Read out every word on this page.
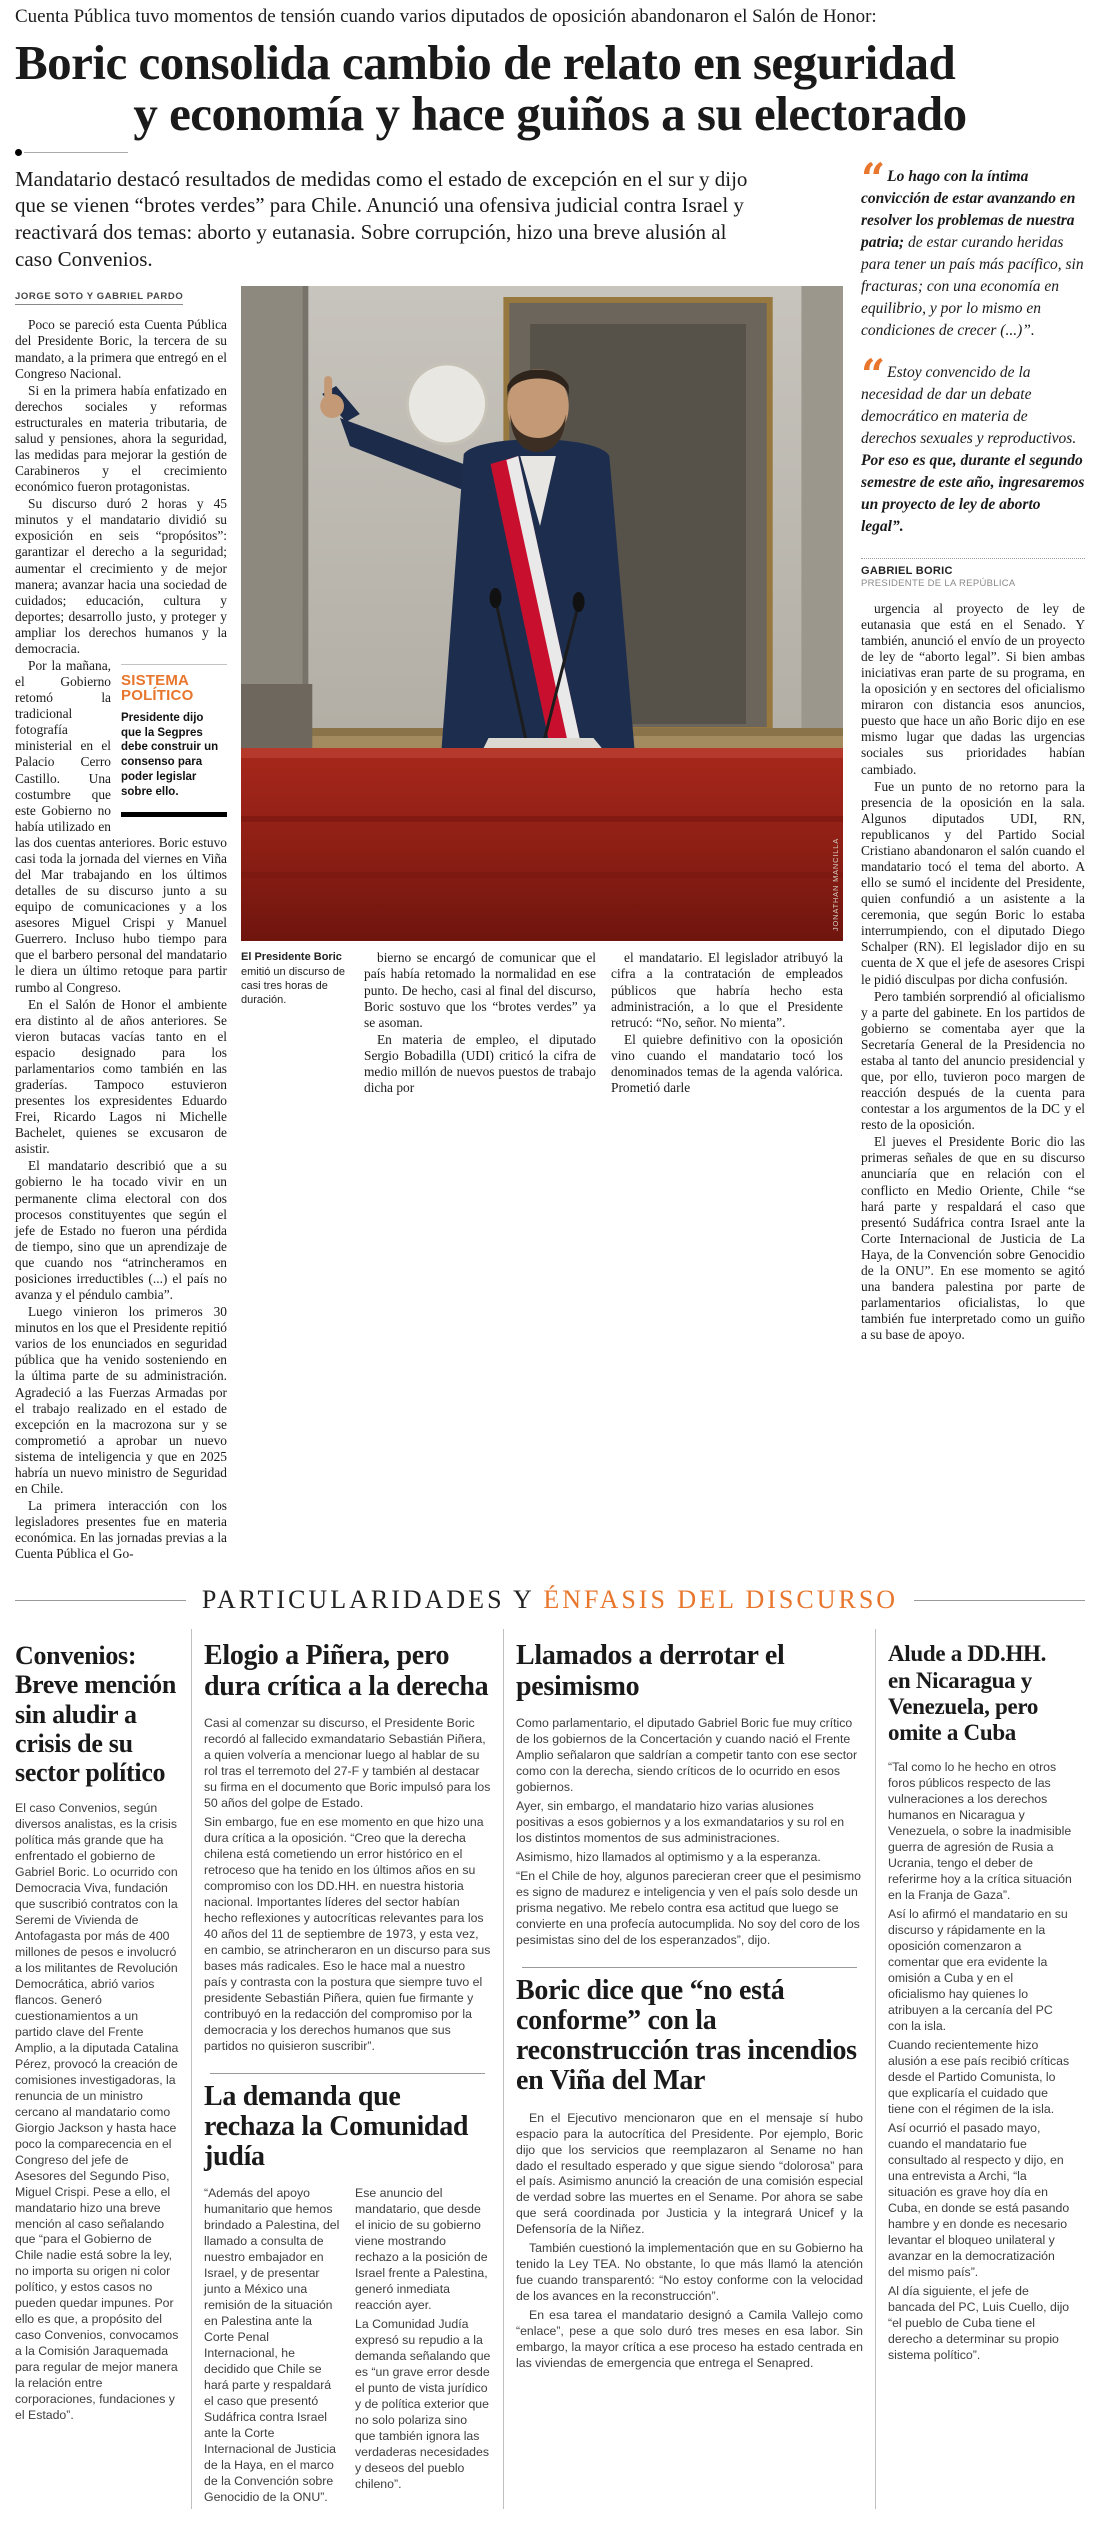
Cuenta Pública tuvo momentos de tensión cuando varios diputados de oposición abandonaron el Salón de Honor:
Boric consolida cambio de relato en seguridad
y economía y hace guiños a su electorado
Mandatario destacó resultados de medidas como el estado de excepción en el sur y dijo que se vienen “brotes verdes” para Chile. Anunció una ofensiva judicial contra Israel y reactivará dos temas: aborto y eutanasia. Sobre corrupción, hizo una breve alusión al caso Convenios.
JORGE SOTO Y GABRIEL PARDO

Poco se pareció esta Cuenta Pública del Presidente Boric, la tercera de su mandato, a la primera que entregó en el Congreso Nacional.

Si en la primera había enfatizado en derechos sociales y reformas estructurales en materia tributaria, de salud y pensiones, ahora la seguridad, las medidas para mejorar la gestión de Carabineros y el crecimiento económico fueron protagonistas.

Su discurso duró 2 horas y 45 minutos y el mandatario dividió su exposición en seis “propósitos”: garantizar el derecho a la seguridad; aumentar el crecimiento y de mejor manera; avanzar hacia una sociedad de cuidados; educación, cultura y deportes; desarrollo justo, y proteger y ampliar los derechos humanos y la democracia.

SISTEMA
POLÍTICO
Presidente dijo que la Segpres debe construir un consenso para poder legislar sobre ello.

Por la mañana, el Gobierno retomó la tradicional fotografía ministerial en el Palacio Cerro Castillo. Una costumbre que este Gobierno no había utilizado en las dos cuentas anteriores. Boric estuvo casi toda la jornada del viernes en Viña del Mar trabajando en los últimos detalles de su discurso junto a su equipo de comunicaciones y a los asesores Miguel Crispi y Manuel Guerrero. Incluso hubo tiempo para que el barbero personal del mandatario le diera un último retoque para partir rumbo al Congreso.

En el Salón de Honor el ambiente era distinto al de años anteriores. Se vieron butacas vacías tanto en el espacio designado para los parlamentarios como también en las graderías. Tampoco estuvieron presentes los expresidentes Eduardo Frei, Ricardo Lagos ni Michelle Bachelet, quienes se excusaron de asistir.

El mandatario describió que a su gobierno le ha tocado vivir en un permanente clima electoral con dos procesos constituyentes que según el jefe de Estado no fueron una pérdida de tiempo, sino que un aprendizaje de que cuando nos “atrincheramos en posiciones irreductibles (...) el país no avanza y el péndulo cambia”.

Luego vinieron los primeros 30 minutos en los que el Presidente repitió varios de los enunciados en seguridad pública que ha venido sosteniendo en la última parte de su administración. Agradeció a las Fuerzas Armadas por el trabajo realizado en el estado de excepción en la macrozona sur y se comprometió a aprobar un nuevo sistema de inteligencia y que en 2025 habría un nuevo ministro de Seguridad en Chile.

La primera interacción con los legisladores presentes fue en materia económica. En las jornadas previas a la Cuenta Pública el Go-

JONATHAN MANCILLA
El Presidente Boric emitió un discurso de casi tres horas de duración.

bierno se encargó de comunicar que el país había retomado la normalidad en ese punto. De hecho, casi al final del discurso, Boric sostuvo que los “brotes verdes” ya se asoman.

En materia de empleo, el diputado Sergio Bobadilla (UDI) criticó la cifra de medio millón de nuevos puestos de trabajo dicha por

el mandatario. El legislador atribuyó la cifra a la contratación de empleados públicos que habría hecho esta administración, a lo que el Presidente retrucó: “No, señor. No mienta”.

El quiebre definitivo con la oposición vino cuando el mandatario tocó los denominados temas de la agenda valórica. Prometió darle

“ Lo hago con la íntima convicción de estar avanzando en resolver los problemas de nuestra patria; de estar curando heridas para tener un país más pacífico, sin fracturas; con una economía en equilibrio, y por lo mismo en condiciones de crecer (...)”.
“ Estoy convencido de la necesidad de dar un debate democrático en materia de derechos sexuales y reproductivos. Por eso es que, durante el segundo semestre de este año, ingresaremos un proyecto de ley de aborto legal”.
GABRIEL BORIC
PRESIDENTE DE LA REPÚBLICA

urgencia al proyecto de ley de eutanasia que está en el Senado. Y también, anunció el envío de un proyecto de ley de “aborto legal”. Si bien ambas iniciativas eran parte de su programa, en la oposición y en sectores del oficialismo miraron con distancia esos anuncios, puesto que hace un año Boric dijo en ese mismo lugar que dadas las urgencias sociales sus prioridades habían cambiado.

Fue un punto de no retorno para la presencia de la oposición en la sala. Algunos diputados UDI, RN, republicanos y del Partido Social Cristiano abandonaron el salón cuando el mandatario tocó el tema del aborto. A ello se sumó el incidente del Presidente, quien confundió a un asistente a la ceremonia, que según Boric lo estaba interrumpiendo, con el diputado Diego Schalper (RN). El legislador dijo en su cuenta de X que el jefe de asesores Crispi le pidió disculpas por dicha confusión.

Pero también sorprendió al oficialismo y a parte del gabinete. En los partidos de gobierno se comentaba ayer que la Secretaría General de la Presidencia no estaba al tanto del anuncio presidencial y que, por ello, tuvieron poco margen de reacción después de la cuenta para contestar a los argumentos de la DC y el resto de la oposición.

El jueves el Presidente Boric dio las primeras señales de que en su discurso anunciaría que en relación con el conflicto en Medio Oriente, Chile “se hará parte y respaldará el caso que presentó Sudáfrica contra Israel ante la Corte Internacional de Justicia de La Haya, de la Convención sobre Genocidio de la ONU”. En ese momento se agitó una bandera palestina por parte de parlamentarios oficialistas, lo que también fue interpretado como un guiño a su base de apoyo.

PARTICULARIDADES Y ÉNFASIS DEL DISCURSO
Convenios: Breve mención sin aludir a crisis de su sector político

El caso Convenios, según diversos analistas, es la crisis política más grande que ha enfrentado el gobierno de Gabriel Boric. Lo ocurrido con Democracia Viva, fundación que suscribió contratos con la Seremi de Vivienda de Antofagasta por más de 400 millones de pesos e involucró a los militantes de Revolución Democrática, abrió varios flancos. Generó cuestionamientos a un partido clave del Frente Amplio, a la diputada Catalina Pérez, provocó la creación de comisiones investigadoras, la renuncia de un ministro cercano al mandatario como Giorgio Jackson y hasta hace poco la comparecencia en el Congreso del jefe de Asesores del Segundo Piso, Miguel Crispi. Pese a ello, el mandatario hizo una breve mención al caso señalando que “para el Gobierno de Chile nadie está sobre la ley, no importa su origen ni color político, y estos casos no pueden quedar impunes. Por ello es que, a propósito del caso Convenios, convocamos a la Comisión Jaraquemada para regular de mejor manera la relación entre corporaciones, fundaciones y el Estado”.

Elogio a Piñera, pero dura crítica a la derecha

Casi al comenzar su discurso, el Presidente Boric recordó al fallecido exmandatario Sebastián Piñera, a quien volvería a mencionar luego al hablar de su rol tras el terremoto del 27-F y también al destacar su firma en el documento que Boric impulsó para los 50 años del golpe de Estado.

Sin embargo, fue en ese momento en que hizo una dura crítica a la oposición. “Creo que la derecha chilena está cometiendo un error histórico en el retroceso que ha tenido en los últimos años en su compromiso con los DD.HH. en nuestra historia nacional. Importantes líderes del sector habían hecho reflexiones y autocríticas relevantes para los 40 años del 11 de septiembre de 1973, y esta vez, en cambio, se atrincheraron en un discurso para sus bases más radicales. Eso le hace mal a nuestro país y contrasta con la postura que siempre tuvo el presidente Sebastián Piñera, quien fue firmante y contribuyó en la redacción del compromiso por la democracia y los derechos humanos que sus partidos no quisieron suscribir”.

La demanda que rechaza la Comunidad judía

“Además del apoyo humanitario que hemos brindado a Palestina, del llamado a consulta de nuestro embajador en Israel, y de presentar junto a México una remisión de la situación en Palestina ante la Corte Penal Internacional, he decidido que Chile se hará parte y respaldará el caso que presentó Sudáfrica contra Israel ante la Corte Internacional de Justicia de la Haya, en el marco de la Convención sobre Genocidio de la ONU”.

Ese anuncio del mandatario, que desde el inicio de su gobierno viene mostrando rechazo a la posición de Israel frente a Palestina, generó inmediata reacción ayer.

La Comunidad Judía expresó su repudio a la demanda señalando que es “un grave error desde el punto de vista jurídico y de política exterior que no solo polariza sino que también ignora las verdaderas necesidades y deseos del pueblo chileno”.

Llamados a derrotar el pesimismo

Como parlamentario, el diputado Gabriel Boric fue muy crítico de los gobiernos de la Concertación y cuando nació el Frente Amplio señalaron que saldrían a competir tanto con ese sector como con la derecha, siendo críticos de lo ocurrido en esos gobiernos.

Ayer, sin embargo, el mandatario hizo varias alusiones positivas a esos gobiernos y a los exmandatarios y su rol en los distintos momentos de sus administraciones.

Asimismo, hizo llamados al optimismo y a la esperanza.

“En el Chile de hoy, algunos parecieran creer que el pesimismo es signo de madurez e inteligencia y ven el país solo desde un prisma negativo. Me rebelo contra esa actitud que luego se convierte en una profecía autocumplida. No soy del coro de los pesimistas sino del de los esperanzados”, dijo.

Boric dice que “no está conforme” con la reconstrucción tras incendios en Viña del Mar

En el Ejecutivo mencionaron que en el mensaje sí hubo espacio para la autocrítica del Presidente. Por ejemplo, Boric dijo que los servicios que reemplazaron al Sename no han dado el resultado esperado y que sigue siendo “dolorosa” para el país. Asimismo anunció la creación de una comisión especial de verdad sobre las muertes en el Sename. Por ahora se sabe que será coordinada por Justicia y la integrará Unicef y la Defensoría de la Niñez.

También cuestionó la implementación que en su Gobierno ha tenido la Ley TEA. No obstante, lo que más llamó la atención fue cuando transparentó: “No estoy conforme con la velocidad de los avances en la reconstrucción”.

En esa tarea el mandatario designó a Camila Vallejo como “enlace”, pese a que solo duró tres meses en esa labor. Sin embargo, la mayor crítica a ese proceso ha estado centrada en las viviendas de emergencia que entrega el Senapred.

Alude a DD.HH. en Nicaragua y Venezuela, pero omite a Cuba

“Tal como lo he hecho en otros foros públicos respecto de las vulneraciones a los derechos humanos en Nicaragua y Venezuela, o sobre la inadmisible guerra de agresión de Rusia a Ucrania, tengo el deber de referirme hoy a la crítica situación en la Franja de Gaza”.

Así lo afirmó el mandatario en su discurso y rápidamente en la oposición comenzaron a comentar que era evidente la omisión a Cuba y en el oficialismo hay quienes lo atribuyen a la cercanía del PC con la isla.

Cuando recientemente hizo alusión a ese país recibió críticas desde el Partido Comunista, lo que explicaría el cuidado que tiene con el régimen de la isla.

Así ocurrió el pasado mayo, cuando el mandatario fue consultado al respecto y dijo, en una entrevista a Archi, “la situación es grave hoy día en Cuba, en donde se está pasando hambre y en donde es necesario levantar el bloqueo unilateral y avanzar en la democratización del mismo país”.

Al día siguiente, el jefe de bancada del PC, Luis Cuello, dijo “el pueblo de Cuba tiene el derecho a determinar su propio sistema político”.
